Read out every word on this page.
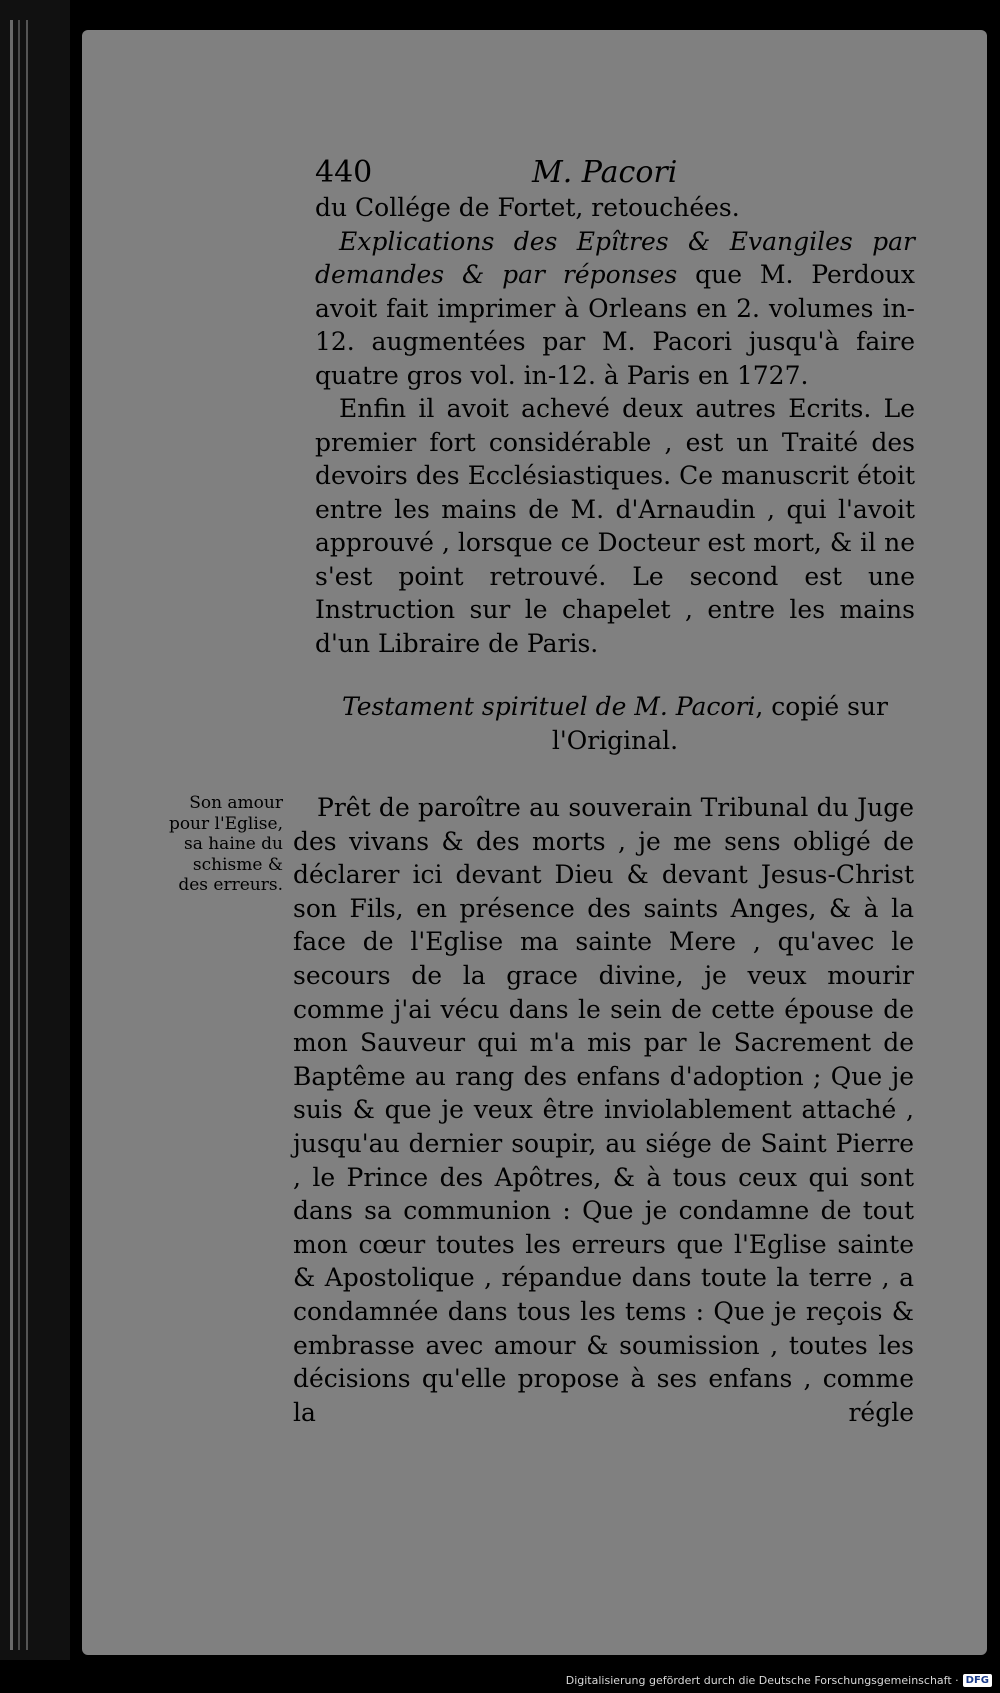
440	M. Pacori

du Collége de Fortet, retouchées.

Explications des Epîtres & Evangiles par demandes & par réponses que M. Perdoux avoit fait imprimer à Orleans en 2. volumes in-12. augmentées par M. Pacori jusqu'à faire quatre gros vol. in-12. à Paris en 1727.

Enfin il avoit achevé deux autres Ecrits. Le premier fort considérable , est un Traité des devoirs des Ecclésiastiques. Ce manuscrit étoit entre les mains de M. d'Arnaudin , qui l'avoit approuvé , lorsque ce Docteur est mort, & il ne s'est point retrouvé. Le second est une Instruction sur le chapelet , entre les mains d'un Libraire de Paris.

Testament spirituel de M. Pacori, copié sur
l'Original.
Son amour pour l'Eglise, sa haine du schisme & des erreurs.

Prêt de paroître au souverain Tribunal du Juge des vivans & des morts , je me sens obligé de déclarer ici devant Dieu & devant Jesus-Christ son Fils, en présence des saints Anges, & à la face de l'Eglise ma sainte Mere , qu'avec le secours de la grace divine, je veux mourir comme j'ai vécu dans le sein de cette épouse de mon Sauveur qui m'a mis par le Sacrement de Baptême au rang des enfans d'adoption ; Que je suis & que je veux être inviolablement attaché , jusqu'au dernier soupir, au siége de Saint Pierre , le Prince des Apôtres, & à tous ceux qui sont dans sa communion : Que je condamne de tout mon cœur toutes les erreurs que l'Eglise sainte & Apostolique , répandue dans toute la terre , a condamnée dans tous les tems : Que je reçois & embrasse avec amour & soumission , toutes les décisions qu'elle propose à ses enfans , comme la régle

Digitalisierung gefördert durch die Deutsche Forschungsgemeinschaft · DFG
